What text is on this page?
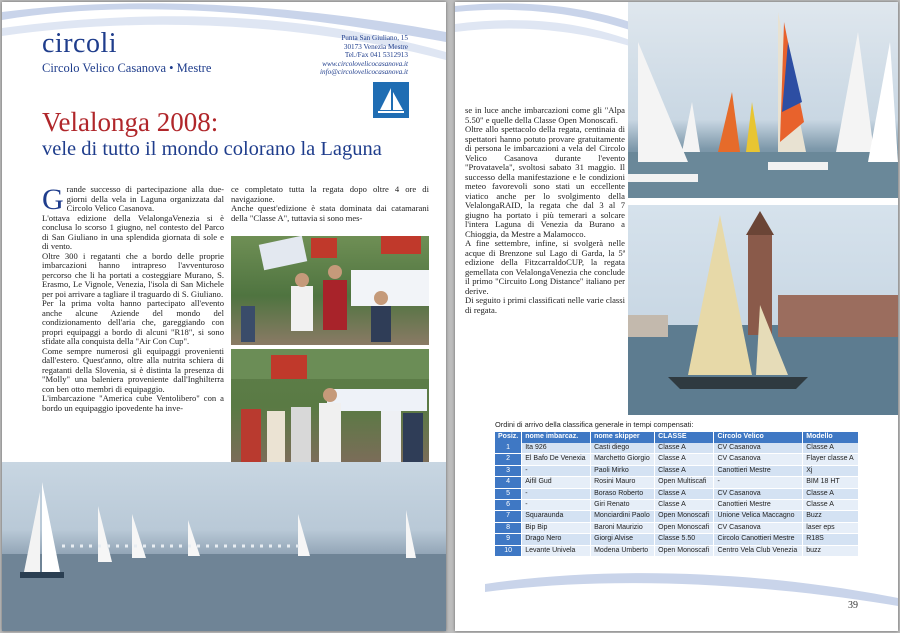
circoli
Circolo Velico Casanova • Mestre
Punta San Giuliano, 15
30173 Venezia Mestre
Tel./Fax 041 5312913
www.circolovelicocasanova.it
info@circolovelicocasanova.it
Velalonga 2008:
vele di tutto il mondo colorano la Laguna
G rande successo di partecipazione alla due-giorni della vela in Laguna organizzata dal Circolo Velico Casanova.

L'ottava edizione della VelalongaVenezia si è conclusa lo scorso 1 giugno, nel contesto del Parco di San Giuliano in una splendida giornata di sole e di vento.

Oltre 300 i regatanti che a bordo delle proprie imbarcazioni hanno intrapreso l'avventuroso percorso che li ha portati a costeggiare Murano, S. Erasmo, Le Vignole, Venezia, l'isola di San Michele per poi arrivare a tagliare il traguardo di S. Giuliano.

Per la prima volta hanno partecipato all'evento anche alcune Aziende del mondo del condizionamento dell'aria che, gareggiando con propri equipaggi a bordo di alcuni "R18", si sono sfidate alla conquista della "Air Con Cup".

Come sempre numerosi gli equipaggi provenienti dall'estero. Quest'anno, oltre alla nutrita schiera di regatanti della Slovenia, si è distinta la presenza di "Molly" una baleniera proveniente dall'Inghilterra con ben otto membri di equipaggio.

L'imbarcazione "America cube Ventolibero" con a bordo un equipaggio ipovedente ha inve-

ce completato tutta la regata dopo oltre 4 ore di navigazione.

Anche quest'edizione è stata dominata dai catamarani della "Classe A", tuttavia si sono mes-

se in luce anche imbarcazioni come gli "Alpa 5.50" e quelle della Classe Open Monoscafi.

Oltre allo spettacolo della regata, centinaia di spettatori hanno potuto provare gratuitamente di persona le imbarcazioni a vela del Circolo Velico Casanova durante l'evento "Provatavela", svoltosi sabato 31 maggio. Il successo della manifestazione e le condizioni meteo favorevoli sono stati un eccellente viatico anche per lo svolgimento della VelalongaRAID, la regata che dal 3 al 7 giugno ha portato i più temerari a solcare l'intera Laguna di Venezia da Burano a Chioggia, da Mestre a Malamocco.

A fine settembre, infine, si svolgerà nelle acque di Brenzone sul Lago di Garda, la 5ª edizione della FitzcarraldoCUP, la regata gemellata con VelalongaVenezia che conclude il primo "Circuito Long Distance" italiano per derive.

Di seguito i primi classificati nelle varie classi di regata.

Ordini di arrivo della classifica generale in tempi compensati:
Posiz.	nome imbarcaz.	nome skipper	CLASSE	Circolo Velico	Modello
1	Ita 926	Casti diego	Classe A	CV Casanova	Classe A
2	El Bafo De Venexia	Marchetto Giorgio	Classe A	CV Casanova	Flayer classe A
3	-	Paoli Mirko	Classe A	Canottieri Mestre	Xj
4	Aifil Gud	Rosini Mauro	Open Multiscafi	-	BIM 18 HT
5	-	Boraso Roberto	Classe A	CV Casanova	Classe A
6	-	Giri Renato	Classe A	Canottieri Mestre	Classe A
7	Squaraunda	Monciardini Paolo	Open Monoscafi	Unione Velica Maccagno	Buzz
8	Bip Bip	Baroni Maurizio	Open Monoscafi	CV Casanova	laser eps
9	Drago Nero	Giorgi Alvise	Classe 5.50	Circolo Canottieri Mestre	R18S
10	Levante Univela	Modena Umberto	Open Monoscafi	Centro Vela Club Venezia	buzz
39
